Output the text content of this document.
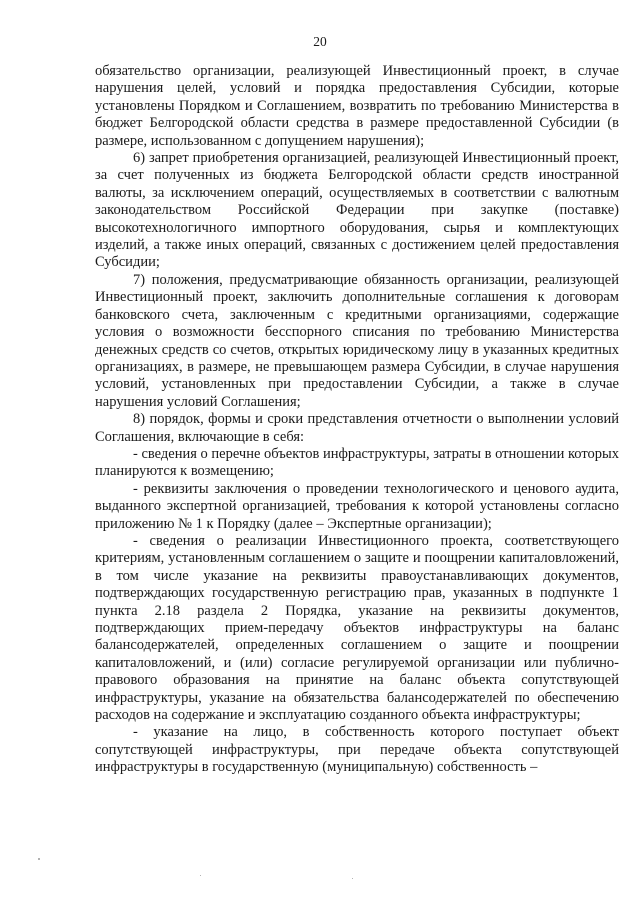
20

обязательство организации, реализующей Инвестиционный проект, в случае нарушения целей, условий и порядка предоставления Субсидии, которые установлены Порядком и Соглашением, возвратить по требованию Министерства в бюджет Белгородской области средства в размере предоставленной Субсидии (в размере, использованном с допущением нарушения);

6) запрет приобретения организацией, реализующей Инвестиционный проект, за счет полученных из бюджета Белгородской области средств иностранной валюты, за исключением операций, осуществляемых в соответствии с валютным законодательством Российской Федерации при закупке (поставке) высокотехнологичного импортного оборудования, сырья и комплектующих изделий, а также иных операций, связанных с достижением целей предоставления Субсидии;

7) положения, предусматривающие обязанность организации, реализующей Инвестиционный проект, заключить дополнительные соглашения к договорам банковского счета, заключенным с кредитными организациями, содержащие условия о возможности бесспорного списания по требованию Министерства денежных средств со счетов, открытых юридическому лицу в указанных кредитных организациях, в размере, не превышающем размера Субсидии, в случае нарушения условий, установленных при предоставлении Субсидии, а также в случае нарушения условий Соглашения;

8) порядок, формы и сроки представления отчетности о выполнении условий Соглашения, включающие в себя:

- сведения о перечне объектов инфраструктуры, затраты в отношении которых планируются к возмещению;

- реквизиты заключения о проведении технологического и ценового аудита, выданного экспертной организацией, требования к которой установлены согласно приложению № 1 к Порядку (далее – Экспертные организации);

- сведения о реализации Инвестиционного проекта, соответствующего критериям, установленным соглашением о защите и поощрении капиталовложений, в том числе указание на реквизиты правоустанавливающих документов, подтверждающих государственную регистрацию прав, указанных в подпункте 1 пункта 2.18 раздела 2 Порядка, указание на реквизиты документов, подтверждающих прием-передачу объектов инфраструктуры на баланс балансодержателей, определенных соглашением о защите и поощрении капиталовложений, и (или) согласие регулируемой организации или публично-правового образования на принятие на баланс объекта сопутствующей инфраструктуры, указание на обязательства балансодержателей по обеспечению расходов на содержание и эксплуатацию созданного объекта инфраструктуры;

- указание на лицо, в собственность которого поступает объект сопутствующей инфраструктуры, при передаче объекта сопутствующей инфраструктуры в государственную (муниципальную) собственность –
